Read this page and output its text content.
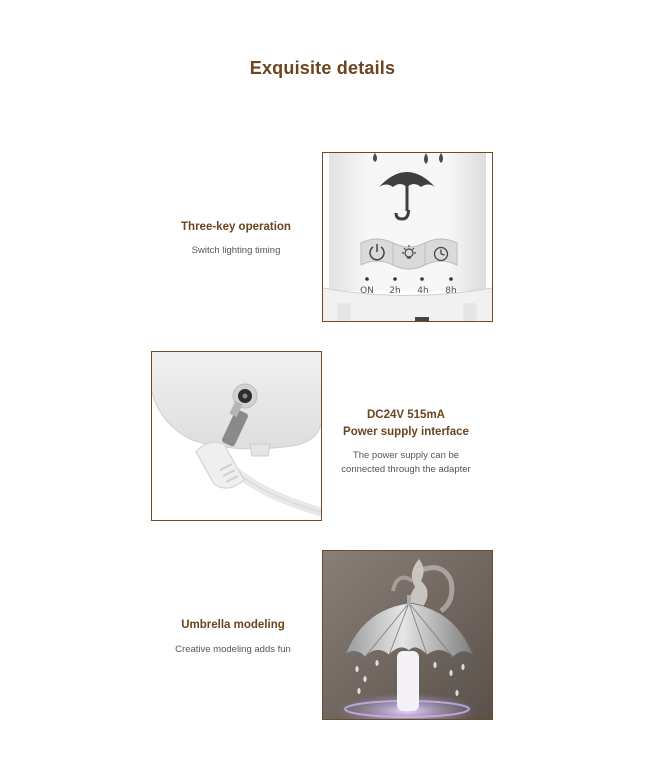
Exquisite details
Three-key operation
Switch lighting timing
ON 2h 4h 8h
DC24V 515mA
Power supply interface
The power supply can be
connected through the adapter
Umbrella modeling
Creative modeling adds fun
